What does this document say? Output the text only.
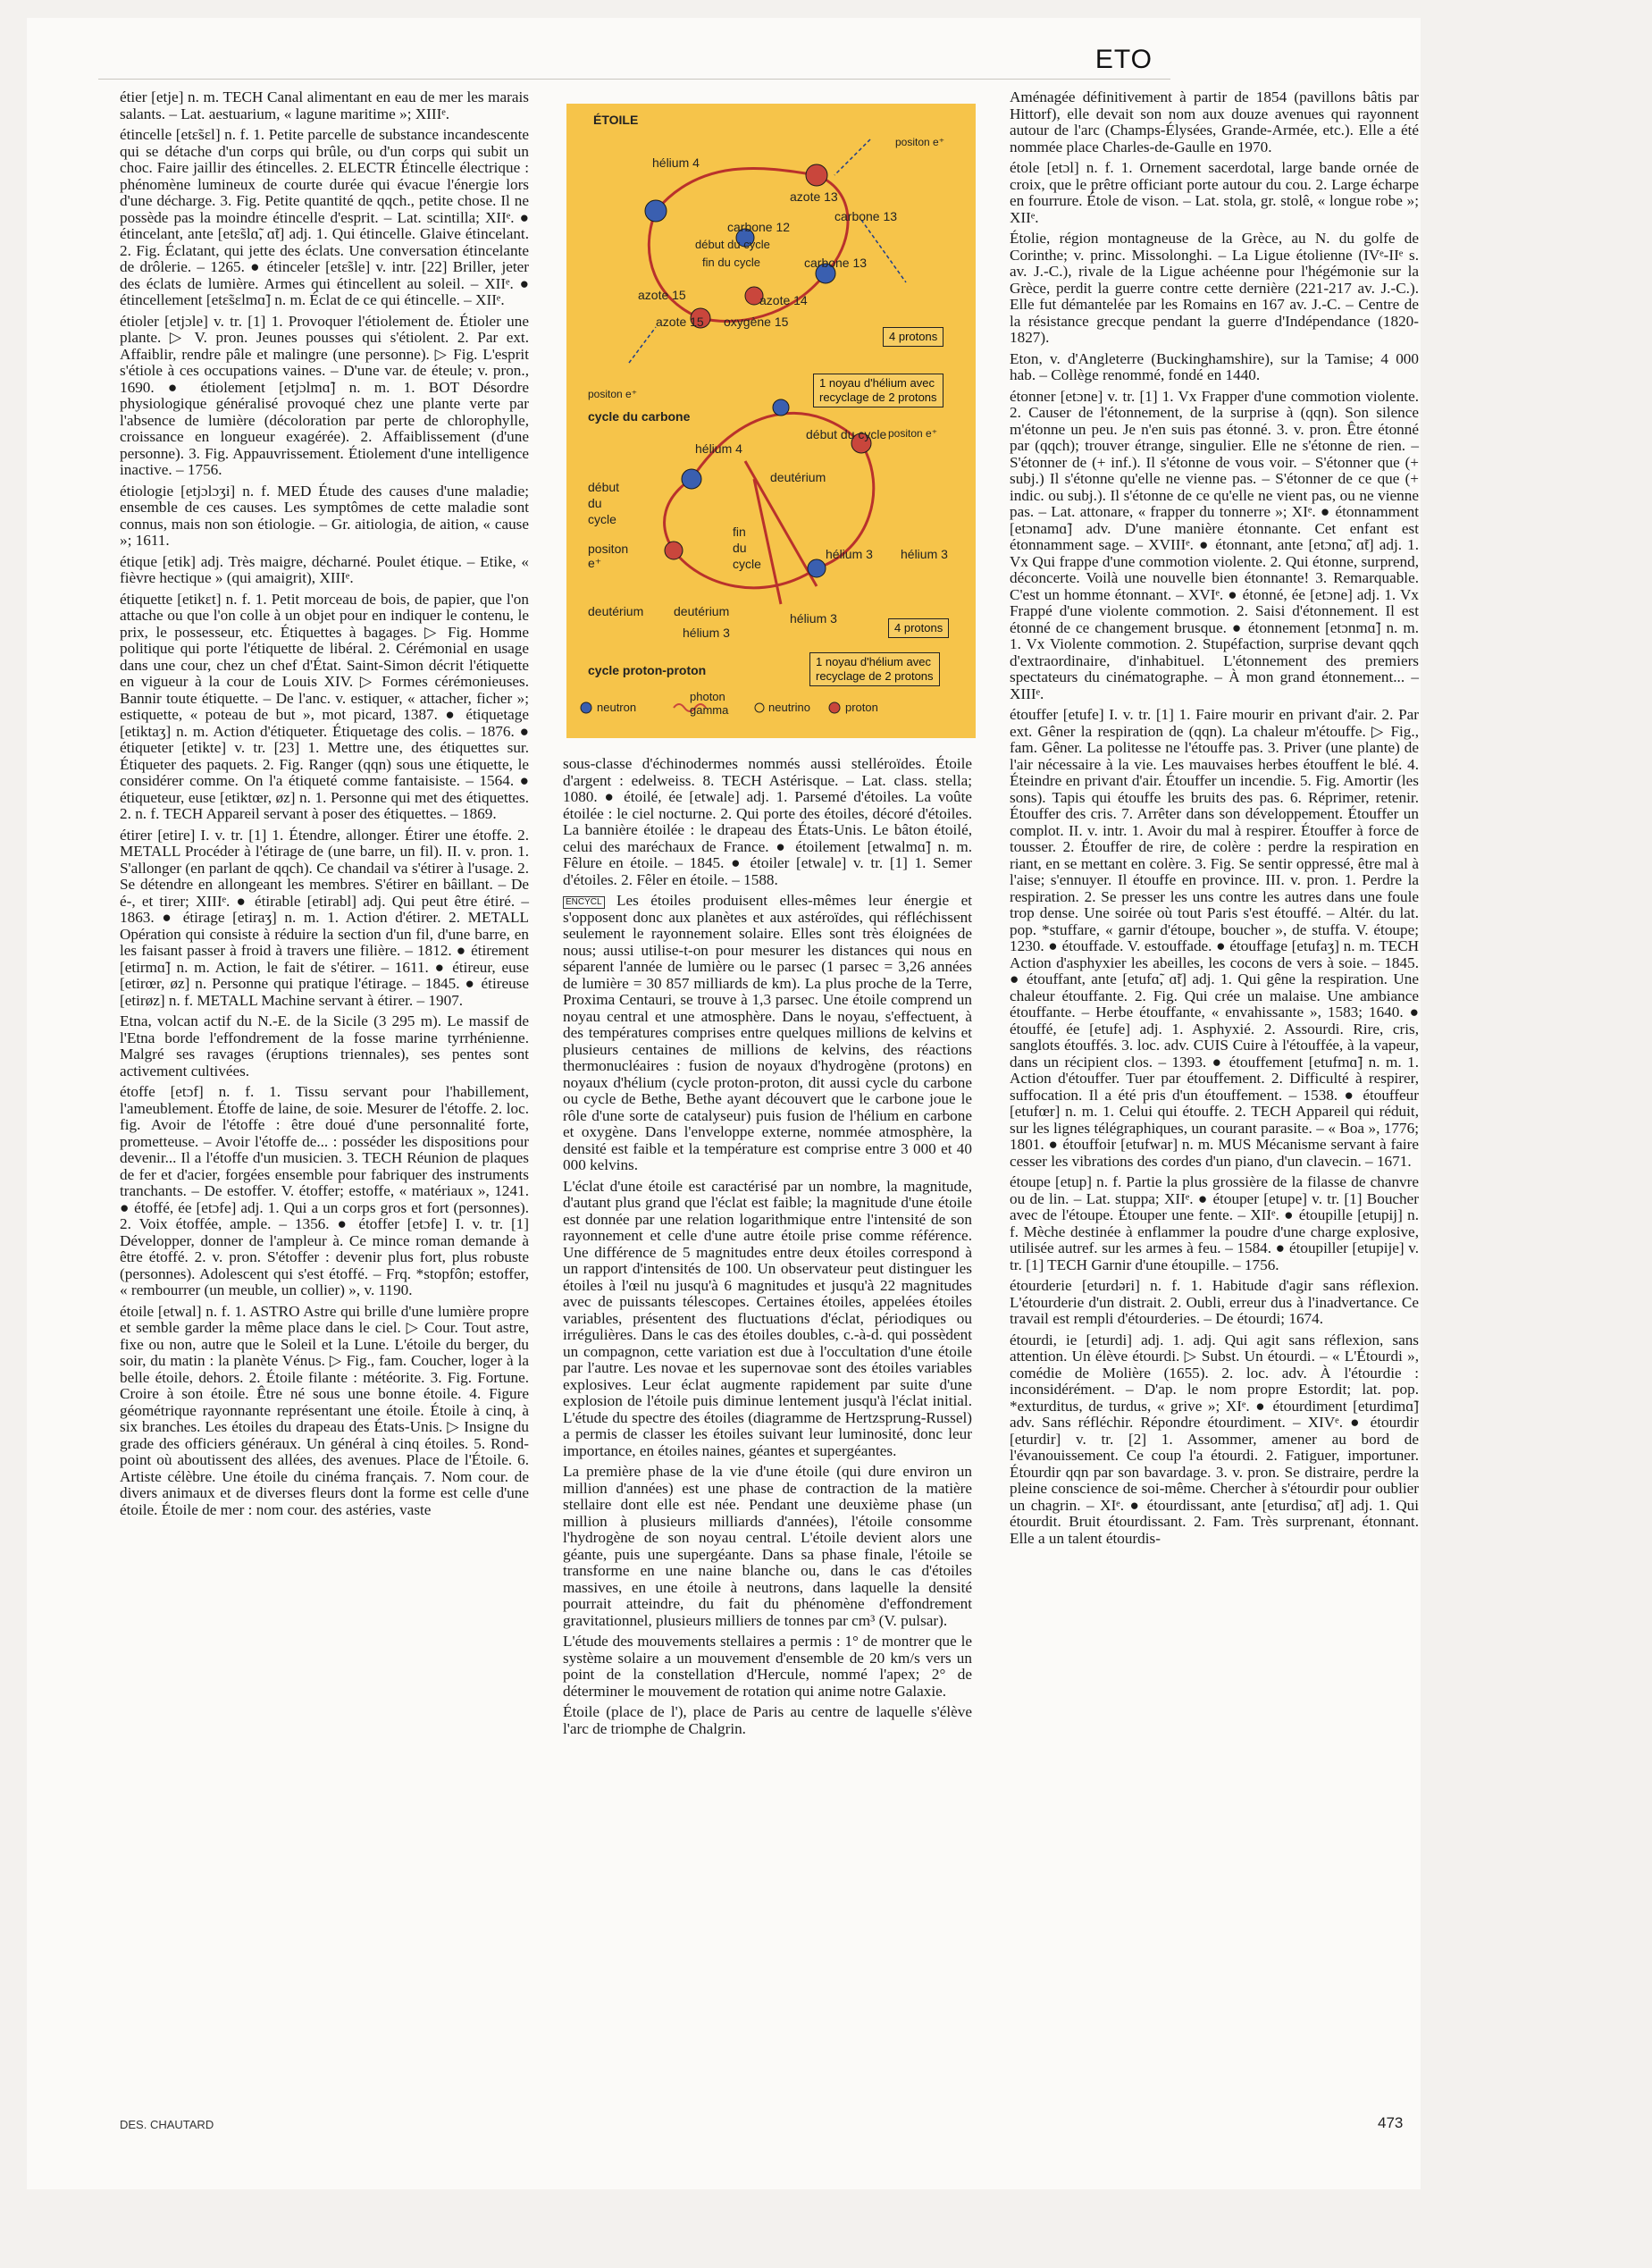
ETO

étier [etje] n. m. TECH Canal alimentant en eau de mer les marais salants. – Lat. aestuarium, « lagune maritime »; XIIIᵉ.

étincelle [etɛ̃sɛl] n. f. 1. Petite parcelle de substance incandescente qui se détache d'un corps qui brûle, ou d'un corps qui subit un choc. Faire jaillir des étincelles. 2. ELECTR Étincelle électrique : phénomène lumineux de courte durée qui évacue l'énergie lors d'une décharge. 3. Fig. Petite quantité de qqch., petite chose. Il ne possède pas la moindre étincelle d'esprit. – Lat. scintilla; XIIᵉ. ● étincelant, ante [etɛ̃slɑ̃, ɑ̃t] adj. 1. Qui étincelle. Glaive étincelant. 2. Fig. Éclatant, qui jette des éclats. Une conversation étincelante de drôlerie. – 1265. ● étinceler [etɛ̃sle] v. intr. [22] Briller, jeter des éclats de lumière. Armes qui étincellent au soleil. – XIIᵉ. ● étincellement [etɛ̃sɛlmɑ̃] n. m. Éclat de ce qui étincelle. – XIIᵉ.

étioler [etjɔle] v. tr. [1] 1. Provoquer l'étiolement de. Étioler une plante. ▷ V. pron. Jeunes pousses qui s'étiolent. 2. Par ext. Affaiblir, rendre pâle et malingre (une personne). ▷ Fig. L'esprit s'étiole à ces occupations vaines. – D'une var. de éteule; v. pron., 1690. ● étiolement [etjɔlmɑ̃] n. m. 1. BOT Désordre physiologique généralisé provoqué chez une plante verte par l'absence de lumière (décoloration par perte de chlorophylle, croissance en longueur exagérée). 2. Affaiblissement (d'une personne). 3. Fig. Appauvrissement. Étiolement d'une intelligence inactive. – 1756.

étiologie [etjɔlɔʒi] n. f. MED Étude des causes d'une maladie; ensemble de ces causes. Les symptômes de cette maladie sont connus, mais non son étiologie. – Gr. aitiologia, de aition, « cause »; 1611.

étique [etik] adj. Très maigre, décharné. Poulet étique. – Etike, « fièvre hectique » (qui amaigrit), XIIIᵉ.

étiquette [etikɛt] n. f. 1. Petit morceau de bois, de papier, que l'on attache ou que l'on colle à un objet pour en indiquer le contenu, le prix, le possesseur, etc. Étiquettes à bagages. ▷ Fig. Homme politique qui porte l'étiquette de libéral. 2. Cérémonial en usage dans une cour, chez un chef d'État. Saint-Simon décrit l'étiquette en vigueur à la cour de Louis XIV. ▷ Formes cérémonieuses. Bannir toute étiquette. – De l'anc. v. estiquer, « attacher, ficher »; estiquette, « poteau de but », mot picard, 1387. ● étiquetage [etiktaʒ] n. m. Action d'étiqueter. Étiquetage des colis. – 1876. ● étiqueter [etikte] v. tr. [23] 1. Mettre une, des étiquettes sur. Étiqueter des paquets. 2. Fig. Ranger (qqn) sous une étiquette, le considérer comme. On l'a étiqueté comme fantaisiste. – 1564. ● étiqueteur, euse [etiktœr, øz] n. 1. Personne qui met des étiquettes. 2. n. f. TECH Appareil servant à poser des étiquettes. – 1869.

étirer [etire] I. v. tr. [1] 1. Étendre, allonger. Étirer une étoffe. 2. METALL Procéder à l'étirage de (une barre, un fil). II. v. pron. 1. S'allonger (en parlant de qqch). Ce chandail va s'étirer à l'usage. 2. Se détendre en allongeant les membres. S'étirer en bâillant. – De é-, et tirer; XIIIᵉ. ● étirable [etirabl] adj. Qui peut être étiré. – 1863. ● étirage [etiraʒ] n. m. 1. Action d'étirer. 2. METALL Opération qui consiste à réduire la section d'un fil, d'une barre, en les faisant passer à froid à travers une filière. – 1812. ● étirement [etirmɑ̃] n. m. Action, le fait de s'étirer. – 1611. ● étireur, euse [etirœr, øz] n. Personne qui pratique l'étirage. – 1845. ● étireuse [etirøz] n. f. METALL Machine servant à étirer. – 1907.

Etna, volcan actif du N.-E. de la Sicile (3 295 m). Le massif de l'Etna borde l'effondrement de la fosse marine tyrrhénienne. Malgré ses ravages (éruptions triennales), ses pentes sont activement cultivées.

étoffe [etɔf] n. f. 1. Tissu servant pour l'habillement, l'ameublement. Étoffe de laine, de soie. Mesurer de l'étoffe. 2. loc. fig. Avoir de l'étoffe : être doué d'une personnalité forte, prometteuse. – Avoir l'étoffe de... : posséder les dispositions pour devenir... Il a l'étoffe d'un musicien. 3. TECH Réunion de plaques de fer et d'acier, forgées ensemble pour fabriquer des instruments tranchants. – De estoffer. V. étoffer; estoffe, « matériaux », 1241. ● étoffé, ée [etɔfe] adj. 1. Qui a un corps gros et fort (personnes). 2. Voix étoffée, ample. – 1356. ● étoffer [etɔfe] I. v. tr. [1] Développer, donner de l'ampleur à. Ce mince roman demande à être étoffé. 2. v. pron. S'étoffer : devenir plus fort, plus robuste (personnes). Adolescent qui s'est étoffé. – Frq. *stopfôn; estoffer, « rembourrer (un meuble, un collier) », v. 1190.

étoile [etwal] n. f. 1. ASTRO Astre qui brille d'une lumière propre et semble garder la même place dans le ciel. ▷ Cour. Tout astre, fixe ou non, autre que le Soleil et la Lune. L'étoile du berger, du soir, du matin : la planète Vénus. ▷ Fig., fam. Coucher, loger à la belle étoile, dehors. 2. Étoile filante : météorite. 3. Fig. Fortune. Croire à son étoile. Être né sous une bonne étoile. 4. Figure géométrique rayonnante représentant une étoile. Étoile à cinq, à six branches. Les étoiles du drapeau des États-Unis. ▷ Insigne du grade des officiers généraux. Un général à cinq étoiles. 5. Rond-point où aboutissent des allées, des avenues. Place de l'Étoile. 6. Artiste célèbre. Une étoile du cinéma français. 7. Nom cour. de divers animaux et de diverses fleurs dont la forme est celle d'une étoile. Étoile de mer : nom cour. des astéries, vaste

ÉTOILE
hélium 4
positon e⁺
azote 13
carbone 13
carbone 12
début du cycle
fin du cycle	carbone 13
azote 15	azote 14
azote 15 oxygène 15
positon e⁺
cycle du carbone
4 protons
1 noyau d'hélium avec
recyclage de 2 protons
hélium 4
début du cycle positon e⁺
deutérium
début
du
cycle
positon
e⁺
fin
du
cycle
hélium 3 hélium 3
deutérium deutérium	hélium 3
hélium 3	4 protons
1 noyau d'hélium avec
recyclage de 2 protons
cycle proton-proton
neutron
photon
gamma	neutrino	proton

sous-classe d'échinodermes nommés aussi stelléroïdes. Étoile d'argent : edelweiss. 8. TECH Astérisque. – Lat. class. stella; 1080. ● étoilé, ée [etwale] adj. 1. Parsemé d'étoiles. La voûte étoilée : le ciel nocturne. 2. Qui porte des étoiles, décoré d'étoiles. La bannière étoilée : le drapeau des États-Unis. Le bâton étoilé, celui des maréchaux de France. ● étoilement [etwalmɑ̃] n. m. Fêlure en étoile. – 1845. ● étoiler [etwale] v. tr. [1] 1. Semer d'étoiles. 2. Fêler en étoile. – 1588.

ENCYCL Les étoiles produisent elles-mêmes leur énergie et s'opposent donc aux planètes et aux astéroïdes, qui réfléchissent seulement le rayonnement solaire. Elles sont très éloignées de nous; aussi utilise-t-on pour mesurer les distances qui nous en séparent l'année de lumière ou le parsec (1 parsec = 3,26 années de lumière = 30 857 milliards de km). La plus proche de la Terre, Proxima Centauri, se trouve à 1,3 parsec. Une étoile comprend un noyau central et une atmosphère. Dans le noyau, s'effectuent, à des températures comprises entre quelques millions de kelvins et plusieurs centaines de millions de kelvins, des réactions thermonucléaires : fusion de noyaux d'hydrogène (protons) en noyaux d'hélium (cycle proton-proton, dit aussi cycle du carbone ou cycle de Bethe, Bethe ayant découvert que le carbone joue le rôle d'une sorte de catalyseur) puis fusion de l'hélium en carbone et oxygène. Dans l'enveloppe externe, nommée atmosphère, la densité est faible et la température est comprise entre 3 000 et 40 000 kelvins.

L'éclat d'une étoile est caractérisé par un nombre, la magnitude, d'autant plus grand que l'éclat est faible; la magnitude d'une étoile est donnée par une relation logarithmique entre l'intensité de son rayonnement et celle d'une autre étoile prise comme référence. Une différence de 5 magnitudes entre deux étoiles correspond à un rapport d'intensités de 100. Un observateur peut distinguer les étoiles à l'œil nu jusqu'à 6 magnitudes et jusqu'à 22 magnitudes avec de puissants télescopes. Certaines étoiles, appelées étoiles variables, présentent des fluctuations d'éclat, périodiques ou irrégulières. Dans le cas des étoiles doubles, c.-à-d. qui possèdent un compagnon, cette variation est due à l'occultation d'une étoile par l'autre. Les novae et les supernovae sont des étoiles variables explosives. Leur éclat augmente rapidement par suite d'une explosion de l'étoile puis diminue lentement jusqu'à l'éclat initial. L'étude du spectre des étoiles (diagramme de Hertzsprung-Russel) a permis de classer les étoiles suivant leur luminosité, donc leur importance, en étoiles naines, géantes et supergéantes.

La première phase de la vie d'une étoile (qui dure environ un million d'années) est une phase de contraction de la matière stellaire dont elle est née. Pendant une deuxième phase (un million à plusieurs milliards d'années), l'étoile consomme l'hydrogène de son noyau central. L'étoile devient alors une géante, puis une supergéante. Dans sa phase finale, l'étoile se transforme en une naine blanche ou, dans le cas d'étoiles massives, en une étoile à neutrons, dans laquelle la densité pourrait atteindre, du fait du phénomène d'effondrement gravitationnel, plusieurs milliers de tonnes par cm³ (V. pulsar).

L'étude des mouvements stellaires a permis : 1° de montrer que le système solaire a un mouvement d'ensemble de 20 km/s vers un point de la constellation d'Hercule, nommé l'apex; 2° de déterminer le mouvement de rotation qui anime notre Galaxie.

Étoile (place de l'), place de Paris au centre de laquelle s'élève l'arc de triomphe de Chalgrin.

Aménagée définitivement à partir de 1854 (pavillons bâtis par Hittorf), elle devait son nom aux douze avenues qui rayonnent autour de l'arc (Champs-Élysées, Grande-Armée, etc.). Elle a été nommée place Charles-de-Gaulle en 1970.

étole [etɔl] n. f. 1. Ornement sacerdotal, large bande ornée de croix, que le prêtre officiant porte autour du cou. 2. Large écharpe en fourrure. Étole de vison. – Lat. stola, gr. stolê, « longue robe »; XIIᵉ.

Étolie, région montagneuse de la Grèce, au N. du golfe de Corinthe; v. princ. Missolonghi. – La Ligue étolienne (IVᵉ-IIᵉ s. av. J.-C.), rivale de la Ligue achéenne pour l'hégémonie sur la Grèce, perdit la guerre contre cette dernière (221-217 av. J.-C.). Elle fut démantelée par les Romains en 167 av. J.-C. – Centre de la résistance grecque pendant la guerre d'Indépendance (1820-1827).

Eton, v. d'Angleterre (Buckinghamshire), sur la Tamise; 4 000 hab. – Collège renommé, fondé en 1440.

étonner [etɔne] v. tr. [1] 1. Vx Frapper d'une commotion violente. 2. Causer de l'étonnement, de la surprise à (qqn). Son silence m'étonne un peu. Je n'en suis pas étonné. 3. v. pron. Être étonné par (qqch); trouver étrange, singulier. Elle ne s'étonne de rien. – S'étonner de (+ inf.). Il s'étonne de vous voir. – S'étonner que (+ subj.) Il s'étonne qu'elle ne vienne pas. – S'étonner de ce que (+ indic. ou subj.). Il s'étonne de ce qu'elle ne vient pas, ou ne vienne pas. – Lat. attonare, « frapper du tonnerre »; XIᵉ. ● étonnamment [etɔnamɑ̃] adv. D'une manière étonnante. Cet enfant est étonnamment sage. – XVIIIᵉ. ● étonnant, ante [etɔnɑ̃, ɑ̃t] adj. 1. Vx Qui frappe d'une commotion violente. 2. Qui étonne, surprend, déconcerte. Voilà une nouvelle bien étonnante! 3. Remarquable. C'est un homme étonnant. – XVIᵉ. ● étonné, ée [etɔne] adj. 1. Vx Frappé d'une violente commotion. 2. Saisi d'étonnement. Il est étonné de ce changement brusque. ● étonnement [etɔnmɑ̃] n. m. 1. Vx Violente commotion. 2. Stupéfaction, surprise devant qqch d'extraordinaire, d'inhabituel. L'étonnement des premiers spectateurs du cinématographe. – À mon grand étonnement... – XIIIᵉ.

étouffer [etufe] I. v. tr. [1] 1. Faire mourir en privant d'air. 2. Par ext. Gêner la respiration de (qqn). La chaleur m'étouffe. ▷ Fig., fam. Gêner. La politesse ne l'étouffe pas. 3. Priver (une plante) de l'air nécessaire à la vie. Les mauvaises herbes étouffent le blé. 4. Éteindre en privant d'air. Étouffer un incendie. 5. Fig. Amortir (les sons). Tapis qui étouffe les bruits des pas. 6. Réprimer, retenir. Étouffer des cris. 7. Arrêter dans son développement. Étouffer un complot. II. v. intr. 1. Avoir du mal à respirer. Étouffer à force de tousser. 2. Étouffer de rire, de colère : perdre la respiration en riant, en se mettant en colère. 3. Fig. Se sentir oppressé, être mal à l'aise; s'ennuyer. Il étouffe en province. III. v. pron. 1. Perdre la respiration. 2. Se presser les uns contre les autres dans une foule trop dense. Une soirée où tout Paris s'est étouffé. – Altér. du lat. pop. *stuffare, « garnir d'étoupe, boucher », de stuffa. V. étoupe; 1230. ● étouffade. V. estouffade. ● étouffage [etufaʒ] n. m. TECH Action d'asphyxier les abeilles, les cocons de vers à soie. – 1845. ● étouffant, ante [etufɑ̃, ɑ̃t] adj. 1. Qui gêne la respiration. Une chaleur étouffante. 2. Fig. Qui crée un malaise. Une ambiance étouffante. – Herbe étouffante, « envahissante », 1583; 1640. ● étouffé, ée [etufe] adj. 1. Asphyxié. 2. Assourdi. Rire, cris, sanglots étouffés. 3. loc. adv. CUIS Cuire à l'étouffée, à la vapeur, dans un récipient clos. – 1393. ● étouffement [etufmɑ̃] n. m. 1. Action d'étouffer. Tuer par étouffement. 2. Difficulté à respirer, suffocation. Il a été pris d'un étouffement. – 1538. ● étouffeur [etufœr] n. m. 1. Celui qui étouffe. 2. TECH Appareil qui réduit, sur les lignes télégraphiques, un courant parasite. – « Boa », 1776; 1801. ● étouffoir [etufwar] n. m. MUS Mécanisme servant à faire cesser les vibrations des cordes d'un piano, d'un clavecin. – 1671.

étoupe [etup] n. f. Partie la plus grossière de la filasse de chanvre ou de lin. – Lat. stuppa; XIIᵉ. ● étouper [etupe] v. tr. [1] Boucher avec de l'étoupe. Étouper une fente. – XIIᵉ. ● étoupille [etupij] n. f. Mèche destinée à enflammer la poudre d'une charge explosive, utilisée autref. sur les armes à feu. – 1584. ● étoupiller [etupije] v. tr. [1] TECH Garnir d'une étoupille. – 1756.

étourderie [eturdəri] n. f. 1. Habitude d'agir sans réflexion. L'étourderie d'un distrait. 2. Oubli, erreur dus à l'inadvertance. Ce travail est rempli d'étourderies. – De étourdi; 1674.

étourdi, ie [eturdi] adj. 1. adj. Qui agit sans réflexion, sans attention. Un élève étourdi. ▷ Subst. Un étourdi. – « L'Étourdi », comédie de Molière (1655). 2. loc. adv. À l'étourdie : inconsidérément. – D'ap. le nom propre Estordit; lat. pop. *exturditus, de turdus, « grive »; XIᵉ. ● étourdiment [eturdimɑ̃] adv. Sans réfléchir. Répondre étourdiment. – XIVᵉ. ● étourdir [eturdir] v. tr. [2] 1. Assommer, amener au bord de l'évanouissement. Ce coup l'a étourdi. 2. Fatiguer, importuner. Étourdir qqn par son bavardage. 3. v. pron. Se distraire, perdre la pleine conscience de soi-même. Chercher à s'étourdir pour oublier un chagrin. – XIᵉ. ● étourdissant, ante [eturdisɑ̃, ɑ̃t] adj. 1. Qui étourdit. Bruit étourdissant. 2. Fam. Très surprenant, étonnant. Elle a un talent étourdis-

DES. CHAUTARD	473
